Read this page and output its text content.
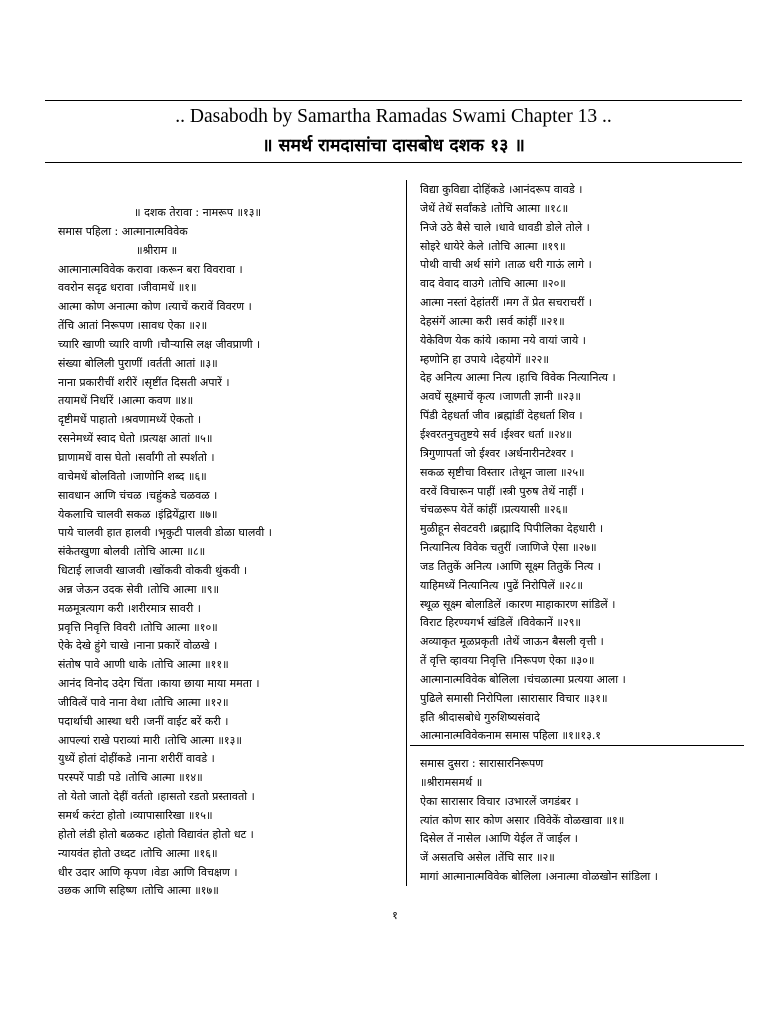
.. Dasabodh by Samartha Ramadas Swami Chapter 13 ..
॥ समर्थ रामदासांचा दासबोध दशक १३ ॥
॥ दशक तेरावा : नामरूप ॥१३॥
समास पहिला : आत्मानात्मविवेक
॥श्रीराम ॥
आत्मानात्मविवेक करावा ।करून बरा विवरावा ।
ववरोन सदृढ धरावा ।जीवामधें ॥१॥
आत्मा कोण अनात्मा कोण ।त्याचें करावें विवरण ।
तेंचि आतां निरूपण ।सावध ऐका ॥२॥
च्यारि खाणी च्यारि वाणी ।चौऱ्यासि लक्ष जीवप्राणी ।
संख्या बोलिली पुराणीं ।वर्तती आतां ॥३॥
नाना प्रकारीचीं शरीरें ।सृष्टींत दिसती अपारें ।
तयामधें निर्धारें ।आत्मा कवण ॥४॥
दृष्टीमधें पाहातो ।श्रवणामध्यें ऐकतो ।
रसनेमध्यें स्वाद घेतो ।प्रत्यक्ष आतां ॥५॥
घ्राणामधें वास घेतो ।सर्वांगी तो स्पर्शतो ।
वाचेमधें बोलवितो ।जाणोनि शब्द ॥६॥
सावधान आणि चंचळ ।चहुंकडे चळवळ ।
येकलाचि चालवी सकळ ।इंद्रियेंद्वारा ॥७॥
पाये चालवी हात हालवी ।भृकुटी पालवी डोळा घालवी ।
संकेतखुणा बोलवी ।तोचि आत्मा ॥८॥
धिटाई लाजवी खाजवी ।खोंकवी वोकवी थुंकवी ।
अन्न जेऊन उदक सेवी ।तोचि आत्मा ॥९॥
मळमूत्रत्याग करी ।शरीरमात्र सावरी ।
प्रवृत्ति निवृत्ति विवरी ।तोचि आत्मा ॥१०॥
ऐके देखे हुंगे चाखे ।नाना प्रकारें वोळखे ।
संतोष पावे आणी धाके ।तोचि आत्मा ॥११॥
आनंद विनोद उदेग चिंता ।काया छाया माया ममता ।
जीवित्वें पावे नाना वेथा ।तोचि आत्मा ॥१२॥
पदार्थाची आस्था धरी ।जनीं वाईट बरें करी ।
आपल्यां राखे पराव्यां मारी ।तोचि आत्मा ॥१३॥
युध्यें होतां दोहींकडे ।नाना शरीरीं वावडे ।
परस्परें पाडी पडे ।तोचि आत्मा ॥१४॥
तो येतो जातो देहीं वर्ततो ।हासतो रडतो प्रस्तावतो ।
समर्थ करंटा होतो ।व्यापासारिखा ॥१५॥
होतो लंडी होतो बळकट ।होतो विद्यावंत होतो धट ।
न्यायवंत होतो उध्दट ।तोचि आत्मा ॥१६॥
धीर उदार आणि कृपण ।वेडा आणि विचक्षण ।
उछक आणि सहिष्ण ।तोचि आत्मा ॥१७॥
विद्या कुविद्या दोहिंकडे ।आनंदरूप वावडे ।
जेथें तेथें सर्वांकडे ।तोचि आत्मा ॥१८॥
निजे उठे बैसे चाले ।धावे धावडी डोले तोले ।
सोइरे धायेरे केले ।तोचि आत्मा ॥१९॥
पोथी वाची अर्थ सांगे ।ताळ धरी गाऊं लागे ।
वाद वेवाद वाउगे ।तोचि आत्मा ॥२०॥
आत्मा नस्तां देहांतरीं ।मग तें प्रेत सचराचरीं ।
देहसंगें आत्मा करी ।सर्व कांहीं ॥२१॥
येकेविण येक कांये ।कामा नये वायां जाये ।
म्हणोनि हा उपाये ।देहयोगें ॥२२॥
देह अनित्य आत्मा नित्य ।हाचि विवेक नित्यानित्य ।
अवघें सूक्ष्माचें कृत्य ।जाणती ज्ञानी ॥२३॥
पिंडी देहधर्ता जीव ।ब्रह्मांडीं देहधर्ता शिव ।
ईश्वरतनुचतुष्टये सर्व ।ईश्वर धर्ता ॥२४॥
त्रिगुणापर्ता जो ईश्वर ।अर्धनारीनटेश्वर ।
सकळ सृष्टीचा विस्तार ।तेथून जाला ॥२५॥
वरवें विचारून पाहीं ।स्त्री पुरुष तेथें नाहीं ।
चंचळरूप येतें कांहीं ।प्रत्ययासी ॥२६॥
मुळीहून सेवटवरी ।ब्रह्मादि पिपीलिका देहधारी ।
नित्यानित्य विवेक चतुरीं ।जाणिजे ऐसा ॥२७॥
जड तितुकें अनित्य ।आणि सूक्ष्म तितुकें नित्य ।
याहिमध्यें नित्यानित्य ।पुढें निरोपिलें ॥२८॥
स्थूळ सूक्ष्म बोलाडिलें ।कारण माहाकारण सांडिलें ।
विराट हिरण्यगर्भ खंडिलें ।विवेकानें ॥२९॥
अव्याकृत मूळप्रकृती ।तेथें जाऊन बैसली वृत्ती ।
तें वृत्ति व्हावया निवृत्ति ।निरूपण ऐका ॥३०॥
आत्मानात्मविवेक बोलिला ।चंचळात्मा प्रत्यया आला ।
पुढिले समासी निरोपिला ।सारासार विचार ॥३१॥
इति श्रीदासबोधे गुरुशिष्यसंवादे
आत्मानात्मविवेकनाम समास पहिला ॥१॥१३.१
समास दुसरा : सारासारनिरूपण
॥श्रीरामसमर्थ ॥
ऐका सारासार विचार ।उभारलें जगडंबर ।
त्यांत कोण सार कोण असार ।विवेकें वोळखावा ॥१॥
दिसेल तें नासेल ।आणि येईल तें जाईल ।
जें असतचि असेल ।तेंचि सार ॥२॥
मागां आत्मानात्मविवेक बोलिला ।अनात्मा वोळखोन सांडिला ।
१
